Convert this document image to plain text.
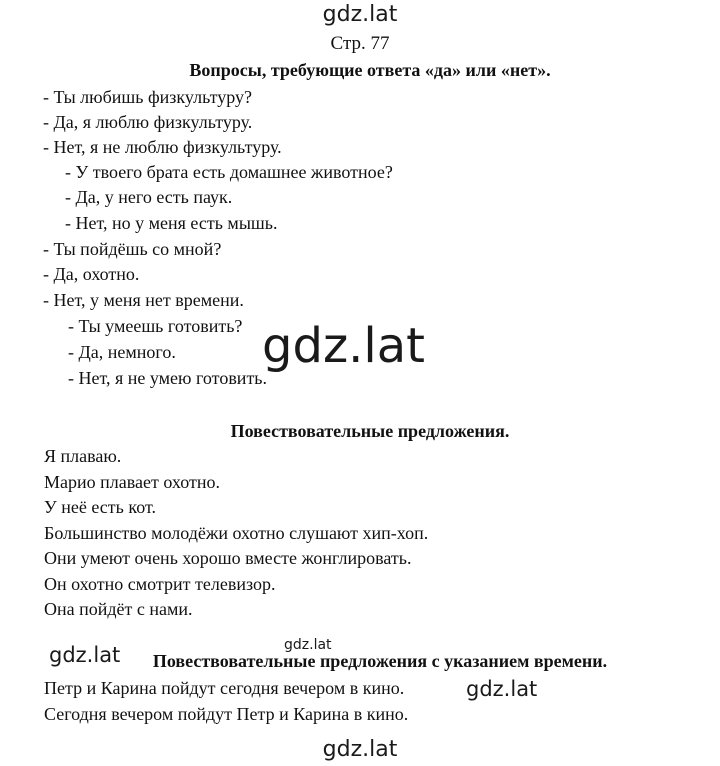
gdz.lat
Стр. 77
Вопросы, требующие ответа «да» или «нет».
- Ты любишь физкультуру?
- Да, я люблю физкультуру.
- Нет, я не люблю физкультуру.
- У твоего брата есть домашнее животное?
- Да, у него есть паук.
- Нет, но у меня есть мышь.
- Ты пойдёшь со мной?
- Да, охотно.
- Нет, у меня нет времени.
- Ты умеешь готовить?
- Да, немного.
- Нет, я не умею готовить.
gdz.lat
Повествовательные предложения.
Я плаваю.
Марио плавает охотно.
У неё есть кот.
Большинство молодёжи охотно слушают хип-хоп.
Они умеют очень хорошо вместе жонглировать.
Он охотно смотрит телевизор.
Она пойдёт с нами.
gdz.lat	gdz.lat
Повествовательные предложения с указанием времени.
Петр и Карина пойдут сегодня вечером в кино.	gdz.lat
Сегодня вечером пойдут Петр и Карина в кино.
gdz.lat
